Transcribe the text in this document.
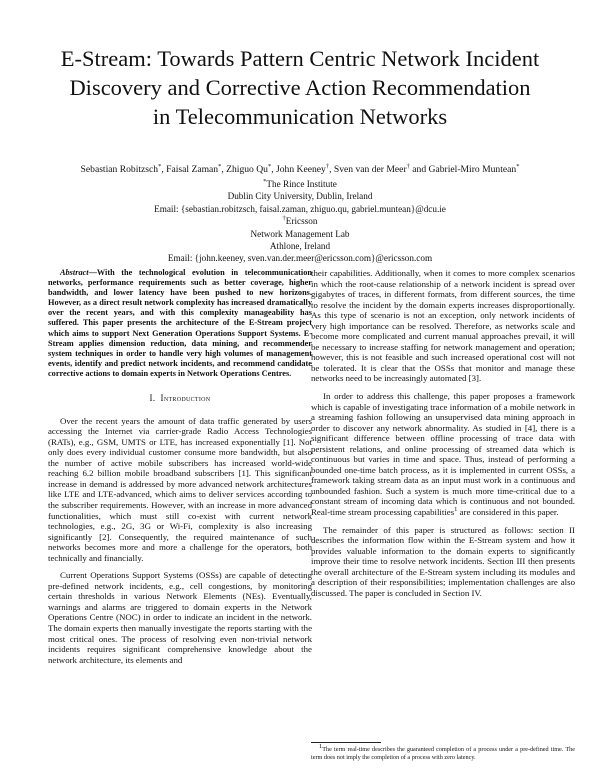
E-Stream: Towards Pattern Centric Network Incident
Discovery and Corrective Action Recommendation
in Telecommunication Networks
Sebastian Robitzsch*, Faisal Zaman*, Zhiguo Qu*, John Keeney†, Sven van der Meer† and Gabriel-Miro Muntean*
*The Rince Institute
Dublin City University, Dublin, Ireland
Email: {sebastian.robitzsch, faisal.zaman, zhiguo.qu, gabriel.muntean}@dcu.ie
†Ericsson
Network Management Lab
Athlone, Ireland
Email: {john.keeney, sven.van.der.meer@ericsson.com}@ericsson.com

Abstract—With the technological evolution in telecommunication networks, performance requirements such as better coverage, higher bandwidth, and lower latency have been pushed to new horizons. However, as a direct result network complexity has increased dramatically over the recent years, and with this complexity manageability has suffered. This paper presents the architecture of the E-Stream project which aims to support Next Generation Operations Support Systems. E-Stream applies dimension reduction, data mining, and recommender system techniques in order to handle very high volumes of management events, identify and predict network incidents, and recommend candidate corrective actions to domain experts in Network Operations Centres.

I. Introduction

Over the recent years the amount of data traffic generated by users accessing the Internet via carrier-grade Radio Access Technologies (RATs), e.g., GSM, UMTS or LTE, has increased exponentially [1]. Not only does every individual customer consume more bandwidth, but also the number of active mobile subscribers has increased world-wide reaching 6.2 billion mobile broadband subscribers [1]. This significant increase in demand is addressed by more advanced network architectures like LTE and LTE-advanced, which aims to deliver services according to the subscriber requirements. However, with an increase in more advanced functionalities, which must still co-exist with current network technologies, e.g., 2G, 3G or Wi-Fi, complexity is also increasing significantly [2]. Consequently, the required maintenance of such networks becomes more and more a challenge for the operators, both technically and financially.

Current Operations Support Systems (OSSs) are capable of detecting pre-defined network incidents, e.g., cell congestions, by monitoring certain thresholds in various Network Elements (NEs). Eventually, warnings and alarms are triggered to domain experts in the Network Operations Centre (NOC) in order to indicate an incident in the network. The domain experts then manually investigate the reports starting with the most critical ones. The process of resolving even non-trivial network incidents requires significant comprehensive knowledge about the network architecture, its elements and

their capabilities. Additionally, when it comes to more complex scenarios in which the root-cause relationship of a network incident is spread over gigabytes of traces, in different formats, from different sources, the time to resolve the incident by the domain experts increases disproportionally. As this type of scenario is not an exception, only network incidents of very high importance can be resolved. Therefore, as networks scale and become more complicated and current manual approaches prevail, it will be necessary to increase staffing for network management and operation; however, this is not feasible and such increased operational cost will not be tolerated. It is clear that the OSSs that monitor and manage these networks need to be increasingly automated [3].

In order to address this challenge, this paper proposes a framework which is capable of investigating trace information of a mobile network in a streaming fashion following an unsupervised data mining approach in order to discover any network abnormality. As studied in [4], there is a significant difference between offline processing of trace data with persistent relations, and online processing of streamed data which is continuous but varies in time and space. Thus, instead of performing a bounded one-time batch process, as it is implemented in current OSSs, a framework taking stream data as an input must work in a continuous and unbounded fashion. Such a system is much more time-critical due to a constant stream of incoming data which is continuous and not bounded. Real-time stream processing capabilities$^1$ are considered in this paper.

The remainder of this paper is structured as follows: section II describes the information flow within the E-Stream system and how it provides valuable information to the domain experts to significantly improve their time to resolve network incidents. Section III then presents the overall architecture of the E-Stream system including its modules and a description of their responsibilities; implementation challenges are also discussed. The paper is concluded in Section IV.

$^1$The term real-time describes the guaranteed completion of a process under a pre-defined time. The term does not imply the completion of a process with zero latency.
